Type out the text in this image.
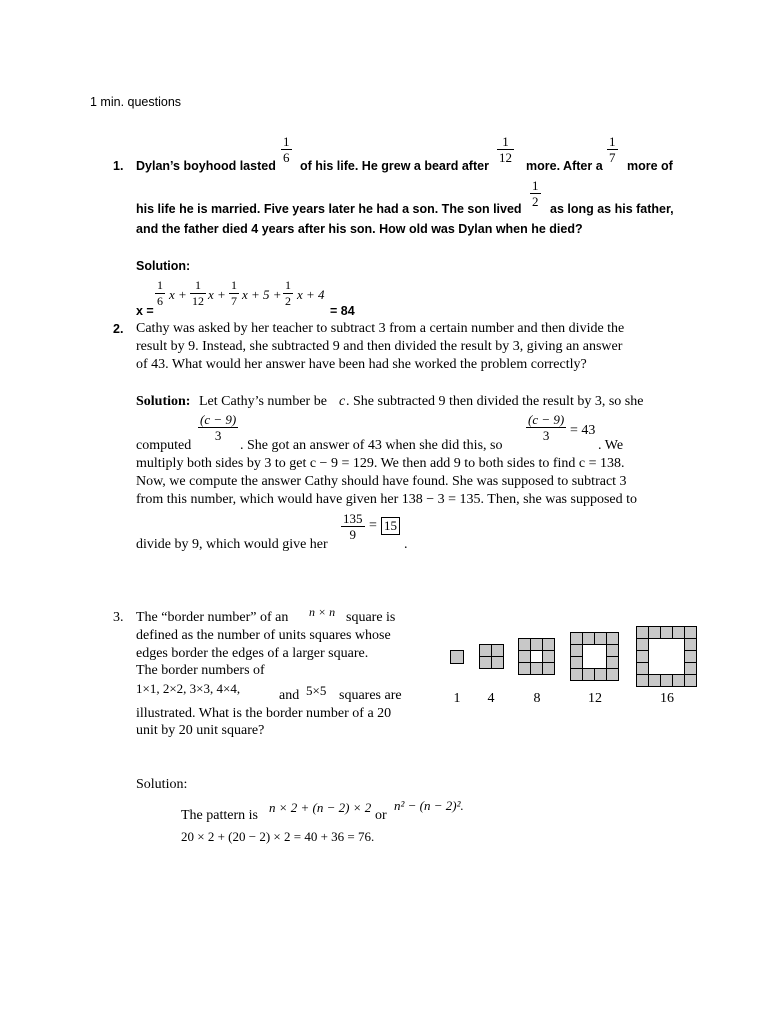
1 min. questions
1. Dylan’s boyhood lasted
$\frac{1}{6}$
of his life. He grew a beard after
$\frac{1}{12}$
more. After a
$\frac{1}{7}$
more of
his life he is married. Five years later he had a son. The son lived $\frac{1}{2}$ as long as his father,
and the father died 4 years after his son. How old was Dylan when he died?
Solution:
x =
$\frac{1}{6}$ $x + \frac{1}{12}$ $x + \frac{1}{7}$ $x + 5 + \frac{1}{2}$ x + 4
= 84
2. Cathy was asked by her teacher to subtract 3 from a certain number and then divide the
result by 9. Instead, she subtracted 9 and then divided the result by 3, giving an answer
of 43. What would her answer have been had she worked the problem correctly?
Solution: Let Cathy’s number be c . She subtracted 9 then divided the result by 3, so she
computed
$\frac{(c - 9)}{3}$
. She got an answer of 43 when she did this, so
$\frac{(c - 9)}{3} = 43$
. We
multiply both sides by 3 to get c − 9 = 129. We then add 9 to both sides to find c = 138.
Now, we compute the answer Cathy should have found. She was supposed to subtract 3
from this number, which would have given her 138 − 3 = 135. Then, she was supposed to
divide by 9, which would give her
$\frac{135}{9} = 15$
.
3. The “border number” of an n × n square is
defined as the number of units squares whose
edges border the edges of a larger square.
The border numbers of
1×1, 2×2, 3×3, 4×4,	and 5×5 squares are
illustrated. What is the border number of a 20
unit by 20 unit square?
1	4	8	12	16
Solution:
The pattern is
n × 2 + (n − 2) × 2
or
n² − (n − 2)².
20 × 2 + (20 − 2) × 2 = 40 + 36 = 76.
